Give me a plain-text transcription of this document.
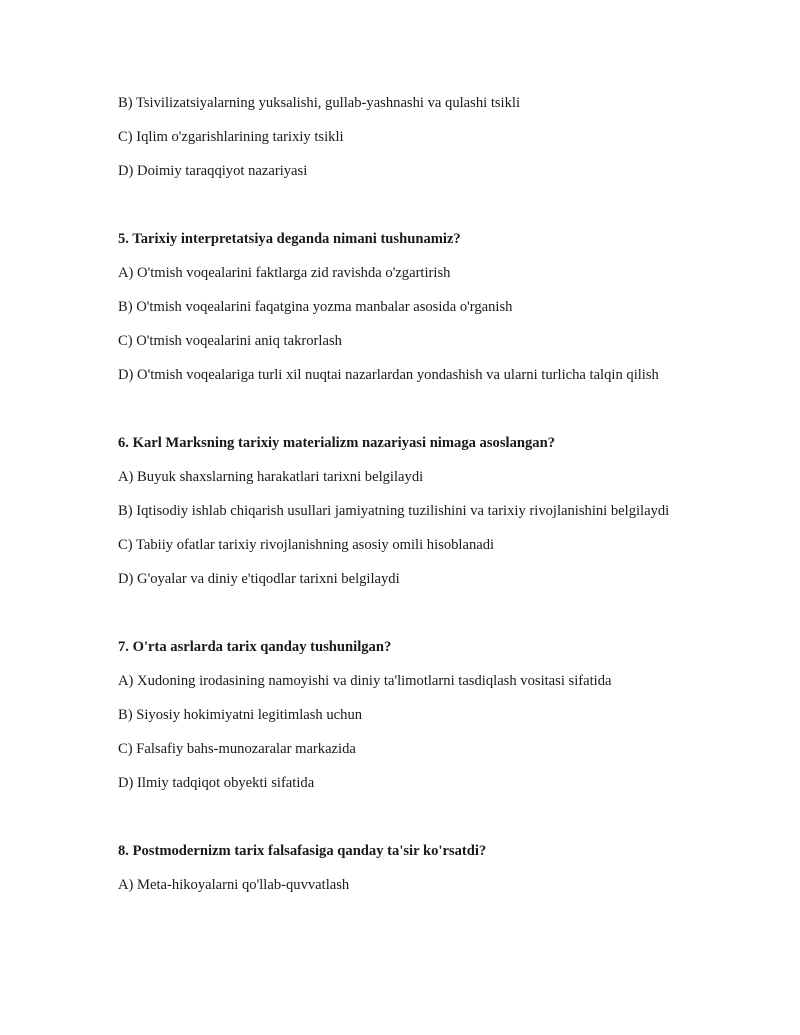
B) Tsivilizatsiyalarning yuksalishi, gullab-yashnashi va qulashi tsikli

C) Iqlim o'zgarishlarining tarixiy tsikli

D) Doimiy taraqqiyot nazariyasi

5. Tarixiy interpretatsiya deganda nimani tushunamiz?

A) O'tmish voqealarini faktlarga zid ravishda o'zgartirish

B) O'tmish voqealarini faqatgina yozma manbalar asosida o'rganish

C) O'tmish voqealarini aniq takrorlash

D) O'tmish voqealariga turli xil nuqtai nazarlardan yondashish va ularni turlicha talqin qilish

6. Karl Marksning tarixiy materializm nazariyasi nimaga asoslangan?

A) Buyuk shaxslarning harakatlari tarixni belgilaydi

B) Iqtisodiy ishlab chiqarish usullari jamiyatning tuzilishini va tarixiy rivojlanishini belgilaydi

C) Tabiiy ofatlar tarixiy rivojlanishning asosiy omili hisoblanadi

D) G'oyalar va diniy e'tiqodlar tarixni belgilaydi

7. O'rta asrlarda tarix qanday tushunilgan?

A) Xudoning irodasining namoyishi va diniy ta'limotlarni tasdiqlash vositasi sifatida

B) Siyosiy hokimiyatni legitimlash uchun

C) Falsafiy bahs-munozaralar markazida

D) Ilmiy tadqiqot obyekti sifatida

8. Postmodernizm tarix falsafasiga qanday ta'sir ko'rsatdi?

A) Meta-hikoyalarni qo'llab-quvvatlash
